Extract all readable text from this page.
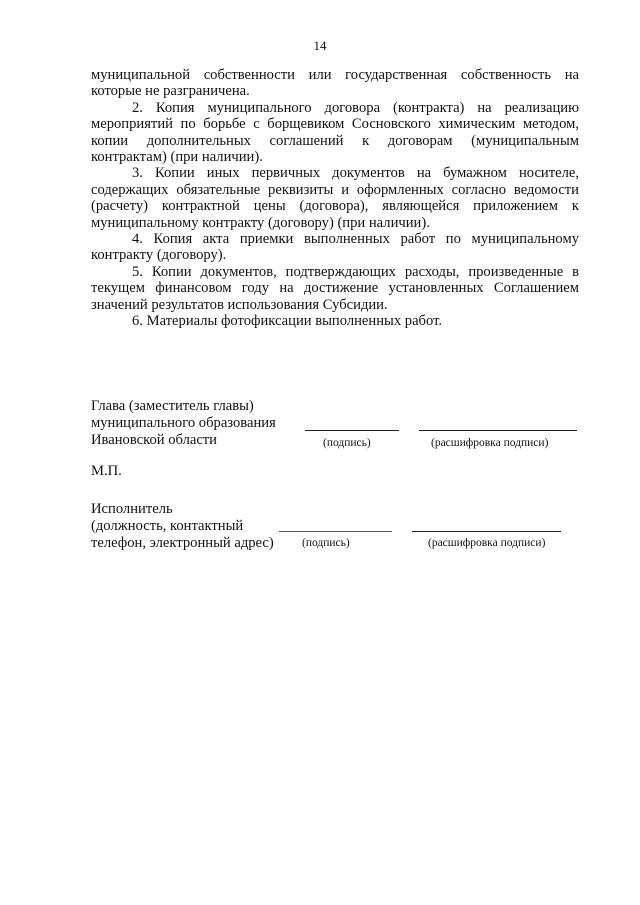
14

муниципальной собственности или государственная собственность на которые не разграничена.

2. Копия муниципального договора (контракта) на реализацию мероприятий по борьбе с борщевиком Сосновского химическим методом, копии дополнительных соглашений к договорам (муниципальным контрактам) (при наличии).

3. Копии иных первичных документов на бумажном носителе, содержащих обязательные реквизиты и оформленных согласно ведомости (расчету) контрактной цены (договора), являющейся приложением к муниципальному контракту (договору) (при наличии).

4. Копия акта приемки выполненных работ по муниципальному контракту (договору).

5. Копии документов, подтверждающих расходы, произведенные в текущем финансовом году на достижение установленных Соглашением значений результатов использования Субсидии.

6. Материалы фотофиксации выполненных работ.

Глава (заместитель главы)

муниципального образования

Ивановской области	(подпись)	(расшифровка подписи)
М.П.

Исполнитель

(должность, контактный

телефон, электронный адрес) (подпись)	(расшифровка подписи)
